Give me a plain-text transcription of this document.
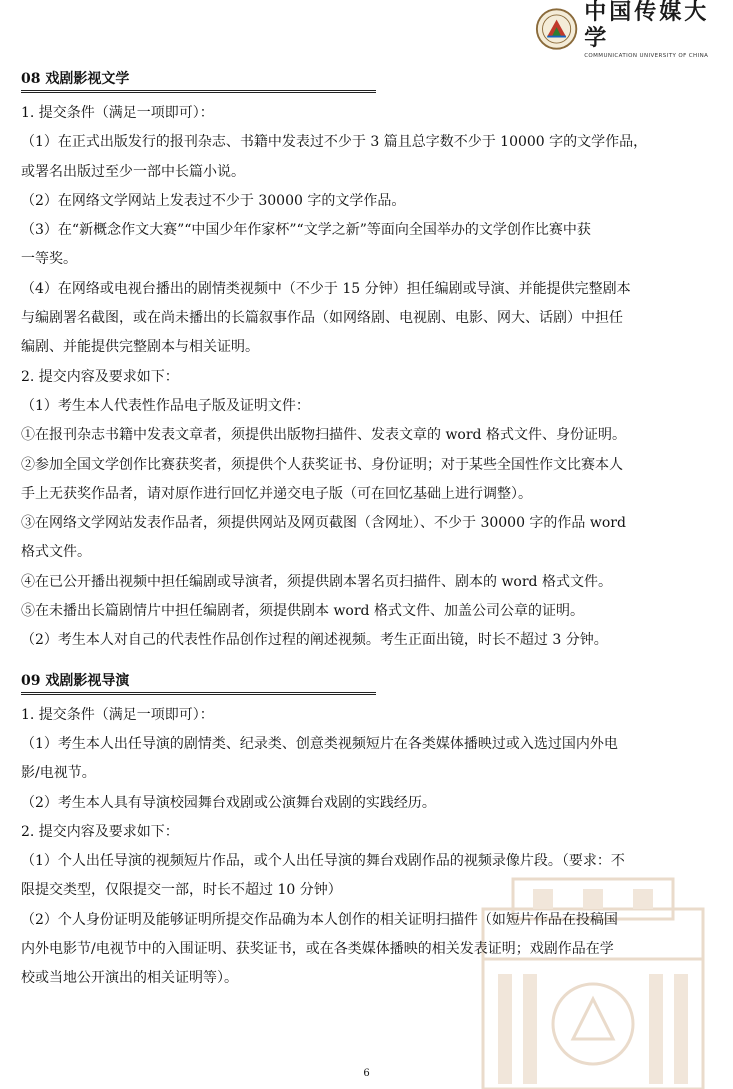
中国传媒大学
COMMUNICATION UNIVERSITY OF CHINA
08 戏剧影视文学
1. 提交条件（满足一项即可）：
（1）在正式出版发行的报刊杂志、书籍中发表过不少于 3 篇且总字数不少于 10000 字的文学作品，
或署名出版过至少一部中长篇小说。
（2）在网络文学网站上发表过不少于 30000 字的文学作品。
（3）在“新概念作文大赛”“中国少年作家杯”“文学之新”等面向全国举办的文学创作比赛中获
一等奖。
（4）在网络或电视台播出的剧情类视频中（不少于 15 分钟）担任编剧或导演、并能提供完整剧本
与编剧署名截图，或在尚未播出的长篇叙事作品（如网络剧、电视剧、电影、网大、话剧）中担任
编剧、并能提供完整剧本与相关证明。
2. 提交内容及要求如下：
（1）考生本人代表性作品电子版及证明文件：
①在报刊杂志书籍中发表文章者，须提供出版物扫描件、发表文章的 word 格式文件、身份证明。
②参加全国文学创作比赛获奖者，须提供个人获奖证书、身份证明；对于某些全国性作文比赛本人
手上无获奖作品者，请对原作进行回忆并递交电子版（可在回忆基础上进行调整）。
③在网络文学网站发表作品者，须提供网站及网页截图（含网址）、不少于 30000 字的作品 word
格式文件。
④在已公开播出视频中担任编剧或导演者，须提供剧本署名页扫描件、剧本的 word 格式文件。
⑤在未播出长篇剧情片中担任编剧者，须提供剧本 word 格式文件、加盖公司公章的证明。
（2）考生本人对自己的代表性作品创作过程的阐述视频。考生正面出镜，时长不超过 3 分钟。
09 戏剧影视导演
1. 提交条件（满足一项即可）：
（1）考生本人出任导演的剧情类、纪录类、创意类视频短片在各类媒体播映过或入选过国内外电
影/电视节。
（2）考生本人具有导演校园舞台戏剧或公演舞台戏剧的实践经历。
2. 提交内容及要求如下：
（1）个人出任导演的视频短片作品，或个人出任导演的舞台戏剧作品的视频录像片段。（要求：不
限提交类型，仅限提交一部，时长不超过 10 分钟）
（2）个人身份证明及能够证明所提交作品确为本人创作的相关证明扫描件（如短片作品在投稿国
内外电影节/电视节中的入围证明、获奖证书，或在各类媒体播映的相关发表证明；戏剧作品在学
校或当地公开演出的相关证明等）。
6
